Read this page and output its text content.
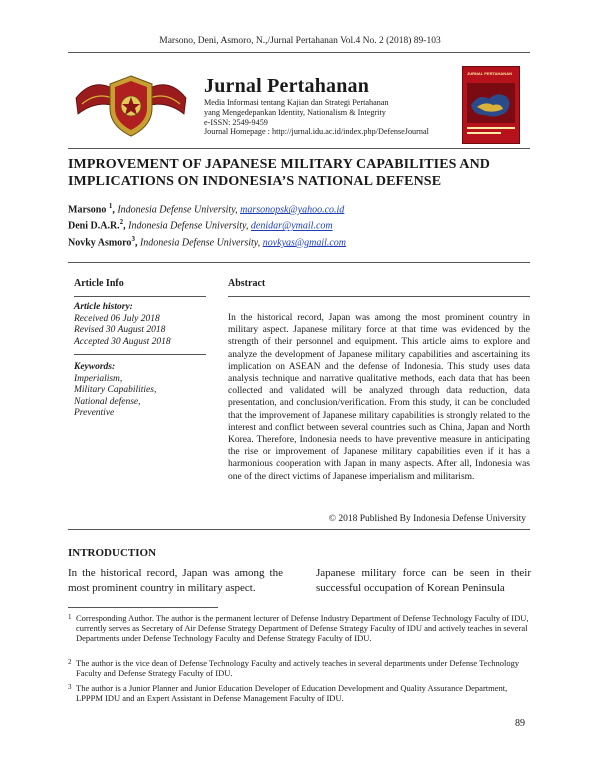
Marsono, Deni, Asmoro, N.,/Jurnal Pertahanan Vol.4 No. 2 (2018) 89-103
Jurnal Pertahanan
Media Informasi tentang Kajian dan Strategi Pertahanan
yang Mengedepankan Identity, Nationalism & Integrity
e-ISSN: 2549-9459
Journal Homepage : http://jurnal.idu.ac.id/index.php/DefenseJournal
JURNAL PERTAHANAN
IMPROVEMENT OF JAPANESE MILITARY CAPABILITIES AND
IMPLICATIONS ON INDONESIA’S NATIONAL DEFENSE
Marsono $^1$, Indonesia Defense University, marsonopsk@yahoo.co.id
Deni D.A.R.$^2$, Indonesia Defense University, denidar@ymail.com
Novky Asmoro$^3$, Indonesia Defense University, novkyas@gmail.com
Article Info
Article history:
Received 06 July 2018
Revised 30 August 2018
Accepted 30 August 2018
Keywords:
Imperialism,
Military Capabilities,
National defense,
Preventive
Abstract
In the historical record, Japan was among the most prominent country in military aspect. Japanese military force at that time was evidenced by the strength of their personnel and equipment. This article aims to explore and analyze the development of Japanese military capabilities and ascertaining its implication on ASEAN and the defense of Indonesia. This study uses data analysis technique and narrative qualitative methods, each data that has been collected and validated will be analyzed through data reduction, data presentation, and conclusion/verification. From this study, it can be concluded that the improvement of Japanese military capabilities is strongly related to the interest and conflict between several countries such as China, Japan and North Korea. Therefore, Indonesia needs to have preventive measure in anticipating the rise or improvement of Japanese military capabilities even if it has a harmonious cooperation with Japan in many aspects. After all, Indonesia was one of the direct victims of Japanese imperialism and militarism.
© 2018 Published By Indonesia Defense University
INTRODUCTION
In the historical record, Japan was among the most prominent country in military aspect.
Japanese military force can be seen in their successful occupation of Korean Peninsula
1 Corresponding Author. The author is the permanent lecturer of Defense Industry Department of Defense Technology Faculty of IDU, currently serves as Secretary of Air Defense Strategy Department of Defense Strategy Faculty of IDU and actively teaches in several Departments under Defense Technology Faculty and Defense Strategy Faculty of IDU.
2 The author is the vice dean of Defense Technology Faculty and actively teaches in several departments under Defense Technology Faculty and Defense Strategy Faculty of IDU.
3 The author is a Junior Planner and Junior Education Developer of Education Development and Quality Assurance Department, LPPPM IDU and an Expert Assistant in Defense Management Faculty of IDU.
89
